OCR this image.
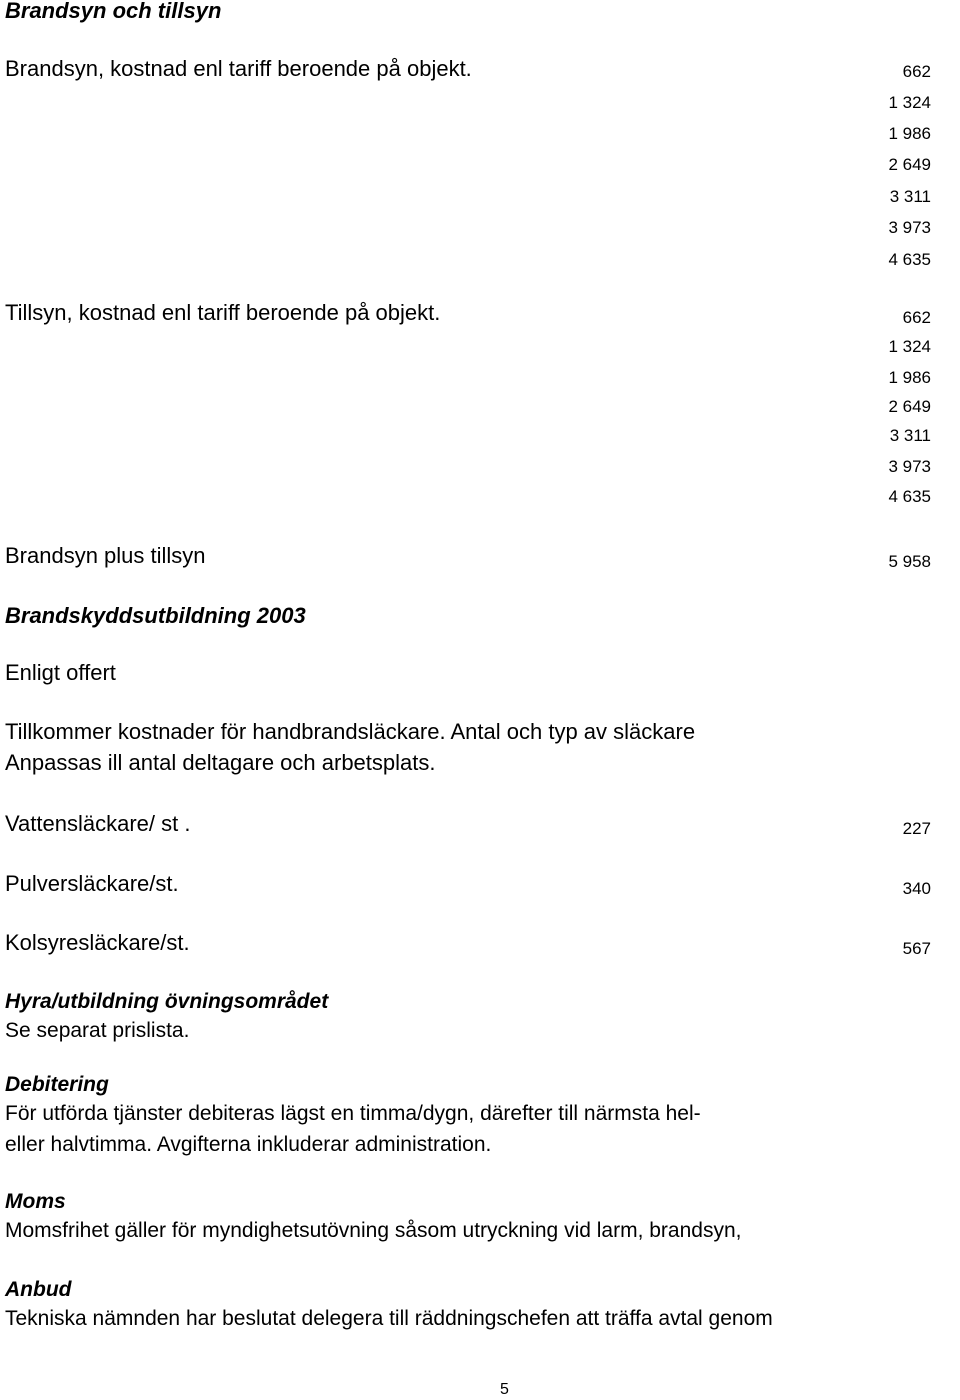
Brandsyn och tillsyn
Brandsyn, kostnad enl tariff beroende på objekt.	662
1 324
1 986
2 649
3 311
3 973
4 635
Tillsyn, kostnad enl tariff beroende på objekt.	662
1 324
1 986
2 649
3 311
3 973
4 635
Brandsyn plus tillsyn	5 958
Brandskyddsutbildning 2003
Enligt offert
Tillkommer kostnader för handbrandsläckare. Antal och typ av släckare
Anpassas ill antal deltagare och arbetsplats.
Vattensläckare/ st .	227
Pulversläckare/st.	340
Kolsyresläckare/st.	567
Hyra/utbildning övningsområdet
Se separat prislista.
Debitering
För utförda tjänster debiteras lägst en timma/dygn, därefter till närmsta hel-
eller halvtimma. Avgifterna inkluderar administration.
Moms
Momsfrihet gäller för myndighetsutövning såsom utryckning vid larm, brandsyn,
Anbud
Tekniska nämnden har beslutat delegera till räddningschefen att träffa avtal genom
5
